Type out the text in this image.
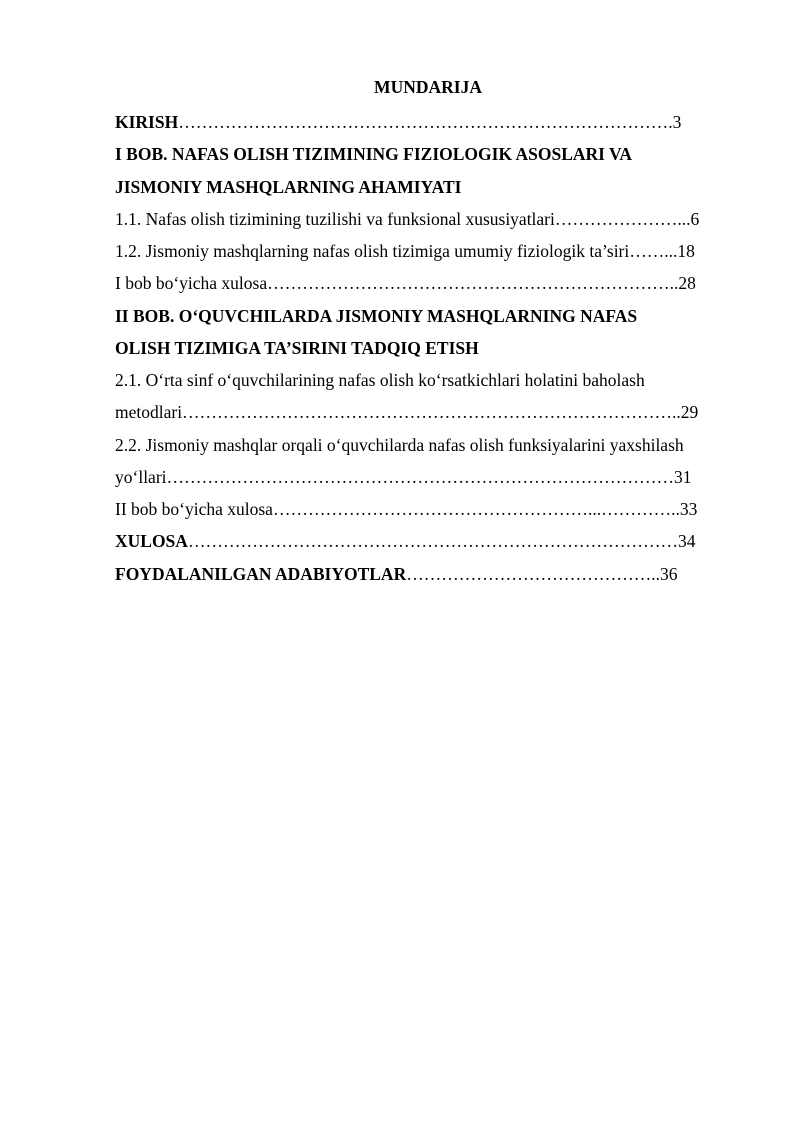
MUNDARIJA
KIRISH………………………………………………………………………….3
I BOB. NAFAS OLISH TIZIMINING FIZIOLOGIK ASOSLARI VA
JISMONIY MASHQLARNING AHAMIYATI
1.1. Nafas olish tizimining tuzilishi va funksional xususiyatlari…………………...6
1.2. Jismoniy mashqlarning nafas olish tizimiga umumiy fiziologik ta’siri……...18
I bob bo‘yicha xulosa……………………………………………………………..28
II BOB. O‘QUVCHILARDA JISMONIY MASHQLARNING NAFAS
OLISH TIZIMIGA TA’SIRINI TADQIQ ETISH
2.1. O‘rta sinf o‘quvchilarining nafas olish ko‘rsatkichlari holatini baholash
metodlari…………………………………………………………………………..29
2.2. Jismoniy mashqlar orqali o‘quvchilarda nafas olish funksiyalarini yaxshilash
yo‘llari……………………………………………………………………………31
II bob bo‘yicha xulosa………………………………………………...…………..33
XULOSA…………………………………………………………………………34
FOYDALANILGAN ADABIYOTLAR……………………………………..36
